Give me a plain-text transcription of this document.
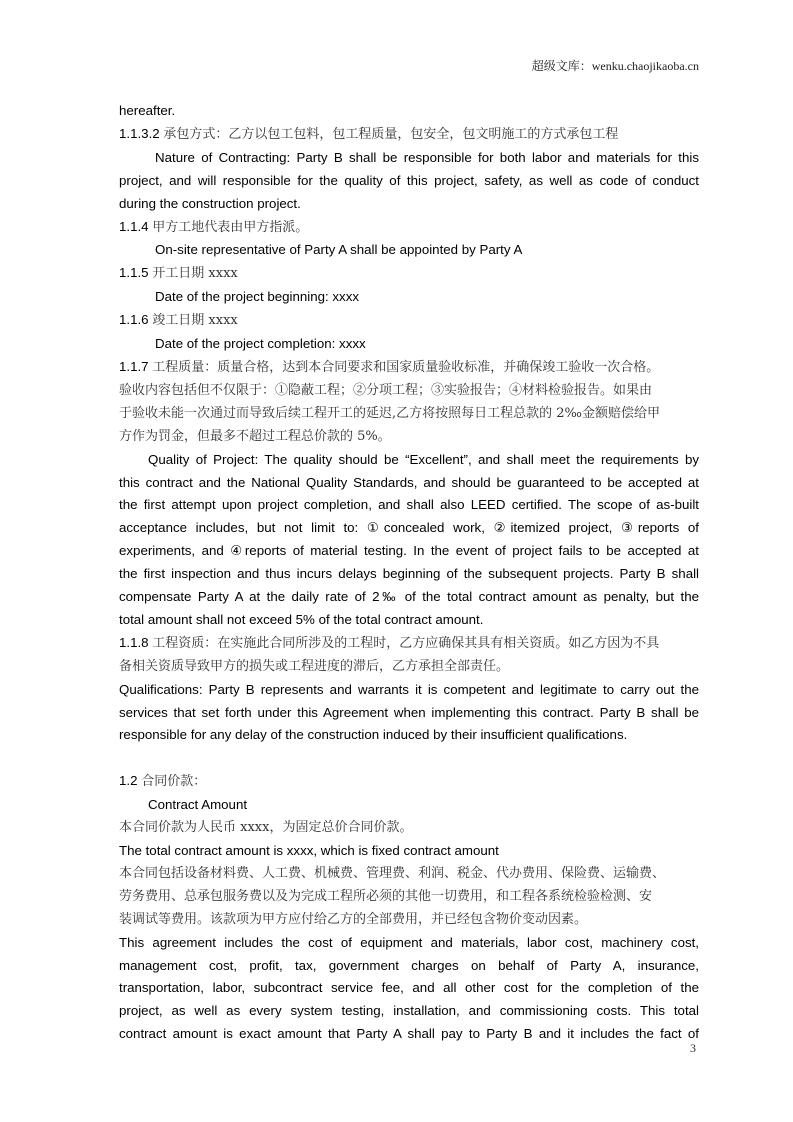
超级文库：wenku.chaojikaoba.cn
hereafter.
1.1.3.2 承包方式：乙方以包工包料，包工程质量，包安全，包文明施工的方式承包工程
Nature of Contracting: Party B shall be responsible for both labor and materials for this
project, and will responsible for the quality of this project, safety, as well as code of conduct
during the construction project.
1.1.4 甲方工地代表由甲方指派。
On-site representative of Party A shall be appointed by Party A
1.1.5 开工日期 xxxx
Date of the project beginning: xxxx
1.1.6 竣工日期 xxxx
Date of the project completion: xxxx
1.1.7 工程质量：质量合格，达到本合同要求和国家质量验收标准，并确保竣工验收一次合格。
验收内容包括但不仅限于：①隐蔽工程；②分项工程；③实验报告；④材料检验报告。如果由
于验收未能一次通过而导致后续工程开工的延迟,乙方将按照每日工程总款的 2‰金额赔偿给甲
方作为罚金，但最多不超过工程总价款的 5%。
Quality of Project: The quality should be “Excellent”, and shall meet the requirements by
this contract and the National Quality Standards, and should be guaranteed to be accepted at
the first attempt upon project completion, and shall also LEED certified. The scope of as-built
acceptance includes, but not limit to: ①concealed work, ②itemized project, ③reports of
experiments, and ④reports of material testing. In the event of project fails to be accepted at
the first inspection and thus incurs delays beginning of the subsequent projects. Party B shall
compensate Party A at the daily rate of 2‰ of the total contract amount as penalty, but the
total amount shall not exceed 5% of the total contract amount.
1.1.8 工程资质：在实施此合同所涉及的工程时，乙方应确保其具有相关资质。如乙方因为不具
备相关资质导致甲方的损失或工程进度的滞后，乙方承担全部责任。
Qualifications: Party B represents and warrants it is competent and legitimate to carry out the
services that set forth under this Agreement when implementing this contract. Party B shall be
responsible for any delay of the construction induced by their insufficient qualifications.
1.2 合同价款：
Contract Amount
本合同价款为人民币 xxxx，为固定总价合同价款。
The total contract amount is xxxx, which is fixed contract amount
本合同包括设备材料费、人工费、机械费、管理费、利润、税金、代办费用、保险费、运输费、
劳务费用、总承包服务费以及为完成工程所必须的其他一切费用，和工程各系统检验检测、安
装调试等费用。该款项为甲方应付给乙方的全部费用，并已经包含物价变动因素。
This agreement includes the cost of equipment and materials, labor cost, machinery cost,
management cost, profit, tax, government charges on behalf of Party A, insurance,
transportation, labor, subcontract service fee, and all other cost for the completion of the
project, as well as every system testing, installation, and commissioning costs. This total
contract amount is exact amount that Party A shall pay to Party B and it includes the fact of
3
